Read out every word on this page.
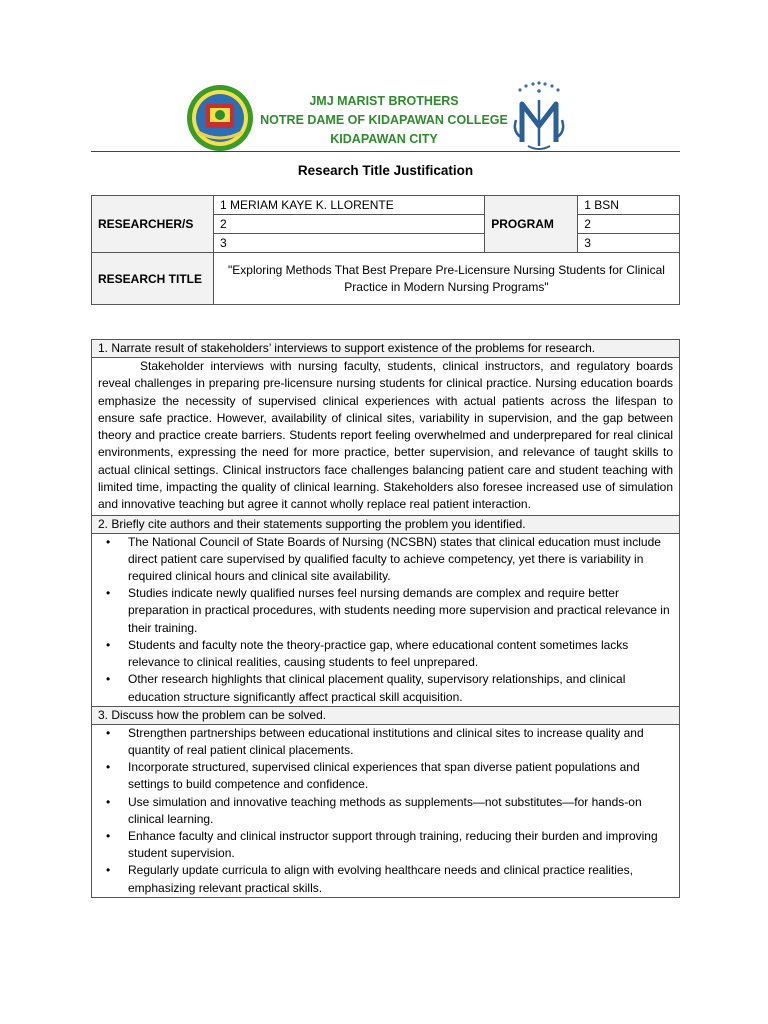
JMJ MARIST BROTHERS
NOTRE DAME OF KIDAPAWAN COLLEGE
KIDAPAWAN CITY
Research Title Justification
RESEARCHER/S	1 MERIAM KAYE K. LLORENTE	PROGRAM	1 BSN
	2		2
	3		3
RESEARCH TITLE	"Exploring Methods That Best Prepare Pre-Licensure Nursing Students for Clinical Practice in Modern Nursing Programs"		
1. Narrate result of stakeholders’ interviews to support existence of the problems for research.
Stakeholder interviews with nursing faculty, students, clinical instructors, and regulatory boards reveal challenges in preparing pre-licensure nursing students for clinical practice. Nursing education boards emphasize the necessity of supervised clinical experiences with actual patients across the lifespan to ensure safe practice. However, availability of clinical sites, variability in supervision, and the gap between theory and practice create barriers. Students report feeling overwhelmed and underprepared for real clinical environments, expressing the need for more practice, better supervision, and relevance of taught skills to actual clinical settings. Clinical instructors face challenges balancing patient care and student teaching with limited time, impacting the quality of clinical learning. Stakeholders also foresee increased use of simulation and innovative teaching but agree it cannot wholly replace real patient interaction.
2. Briefly cite authors and their statements supporting the problem you identified.

• The National Council of State Boards of Nursing (NCSBN) states that clinical education must include direct patient care supervised by qualified faculty to achieve competency, yet there is variability in required clinical hours and clinical site availability.
• Studies indicate newly qualified nurses feel nursing demands are complex and require better preparation in practical procedures, with students needing more supervision and practical relevance in their training.
• Students and faculty note the theory-practice gap, where educational content sometimes lacks relevance to clinical realities, causing students to feel unprepared.
• Other research highlights that clinical placement quality, supervisory relationships, and clinical education structure significantly affect practical skill acquisition.

3. Discuss how the problem can be solved.

• Strengthen partnerships between educational institutions and clinical sites to increase quality and quantity of real patient clinical placements.
• Incorporate structured, supervised clinical experiences that span diverse patient populations and settings to build competence and confidence.
• Use simulation and innovative teaching methods as supplements—not substitutes—for hands-on clinical learning.
• Enhance faculty and clinical instructor support through training, reducing their burden and improving student supervision.
• Regularly update curricula to align with evolving healthcare needs and clinical practice realities, emphasizing relevant practical skills.
